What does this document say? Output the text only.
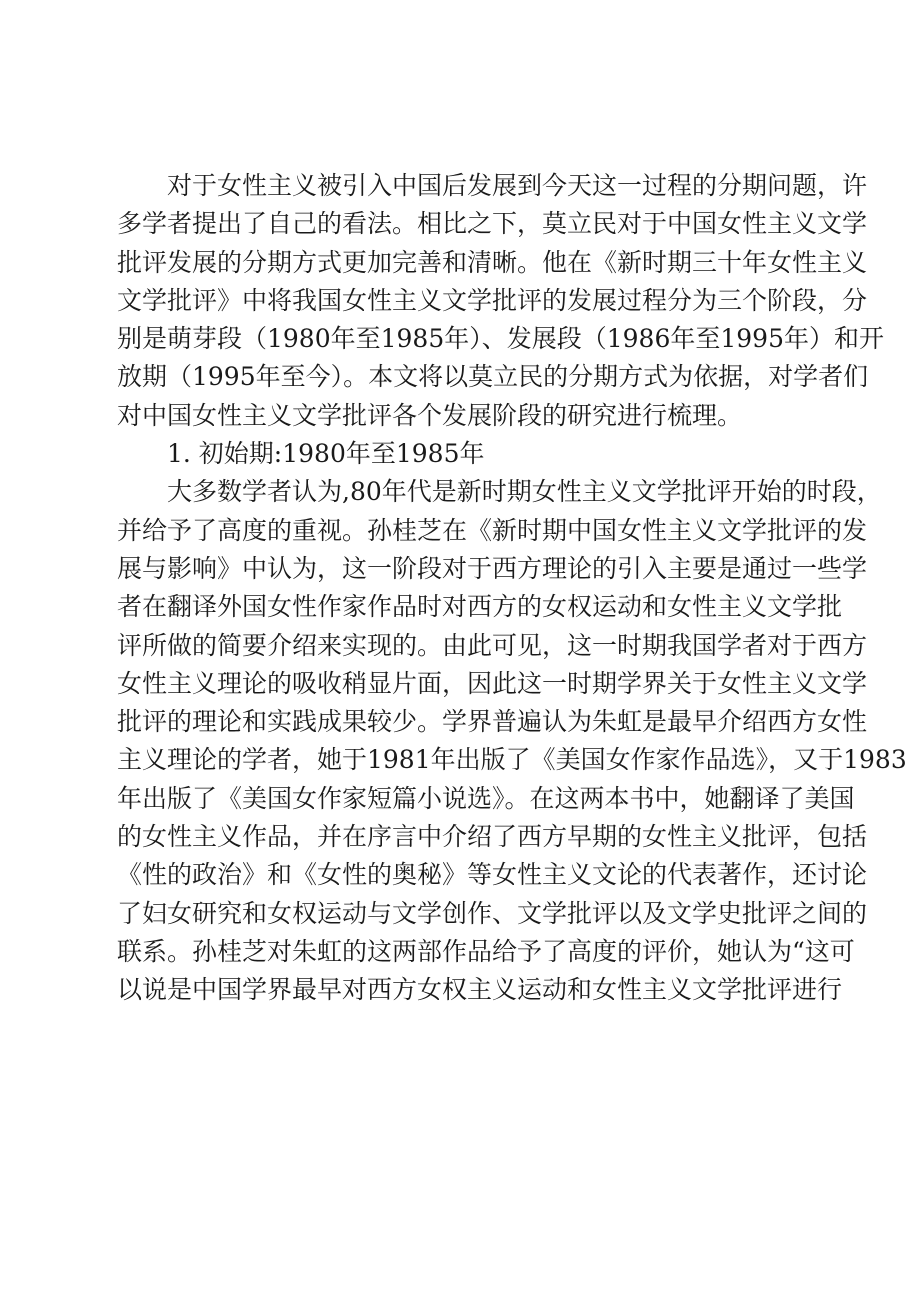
对于女性主义被引入中国后发展到今天这一过程的分期问题，许
多学者提出了自己的看法。相比之下，莫立民对于中国女性主义文学
批评发展的分期方式更加完善和清晰。他在《新时期三十年女性主义
文学批评》中将我国女性主义文学批评的发展过程分为三个阶段，分
别是萌芽段（1980年至1985年）、发展段（1986年至1995年）和开
放期（1995年至今）。本文将以莫立民的分期方式为依据，对学者们
对中国女性主义文学批评各个发展阶段的研究进行梳理。
1. 初始期:1980年至1985年
大多数学者认为,80年代是新时期女性主义文学批评开始的时段，
并给予了高度的重视。孙桂芝在《新时期中国女性主义文学批评的发
展与影响》中认为，这一阶段对于西方理论的引入主要是通过一些学
者在翻译外国女性作家作品时对西方的女权运动和女性主义文学批
评所做的简要介绍来实现的。由此可见，这一时期我国学者对于西方
女性主义理论的吸收稍显片面，因此这一时期学界关于女性主义文学
批评的理论和实践成果较少。学界普遍认为朱虹是最早介绍西方女性
主义理论的学者，她于1981年出版了《美国女作家作品选》，又于1983
年出版了《美国女作家短篇小说选》。在这两本书中，她翻译了美国
的女性主义作品，并在序言中介绍了西方早期的女性主义批评，包括
《性的政治》和《女性的奥秘》等女性主义文论的代表著作，还讨论
了妇女研究和女权运动与文学创作、文学批评以及文学史批评之间的
联系。孙桂芝对朱虹的这两部作品给予了高度的评价，她认为“这可
以说是中国学界最早对西方女权主义运动和女性主义文学批评进行
